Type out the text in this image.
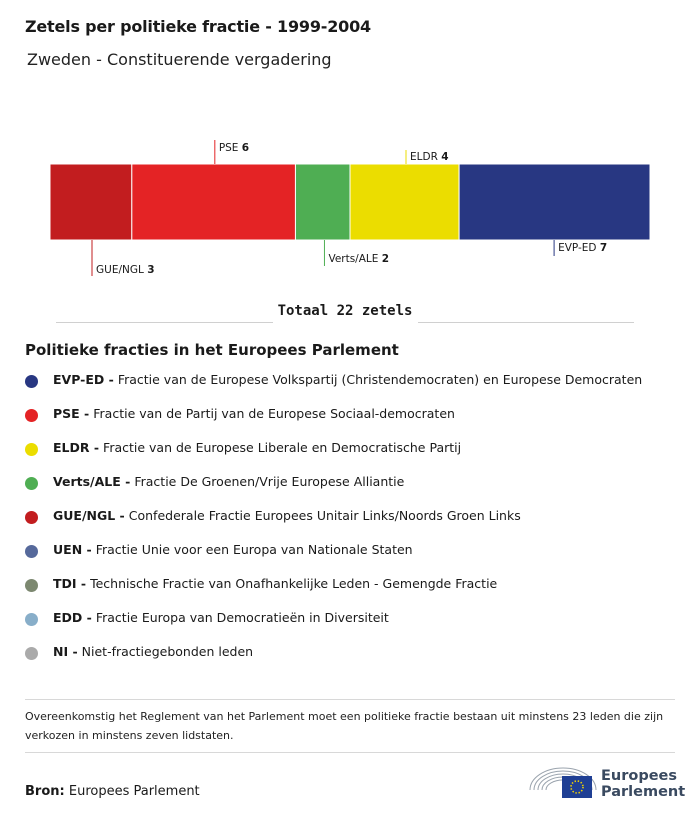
Zetels per politieke fractie - 1999-2004
Zweden - Constituerende vergadering
GUE/NGL 3
PSE 6
Verts/ALE 2
ELDR 4
EVP-ED 7
Totaal 22 zetels
Politieke fracties in het Europees Parlement
EVP-ED - Fractie van de Europese Volkspartij (Christendemocraten) en Europese Democraten
PSE - Fractie van de Partij van de Europese Sociaal-democraten
ELDR - Fractie van de Europese Liberale en Democratische Partij
Verts/ALE - Fractie De Groenen/Vrije Europese Alliantie
GUE/NGL - Confederale Fractie Europees Unitair Links/Noords Groen Links
UEN - Fractie Unie voor een Europa van Nationale Staten
TDI - Technische Fractie van Onafhankelijke Leden - Gemengde Fractie
EDD - Fractie Europa van Democratieën in Diversiteit
NI - Niet-fractiegebonden leden
Overeenkomstig het Reglement van het Parlement moet een politieke fractie bestaan uit minstens 23 leden die zijn verkozen in minstens zeven lidstaten.
Bron: Europees Parlement
Europees
Parlement
